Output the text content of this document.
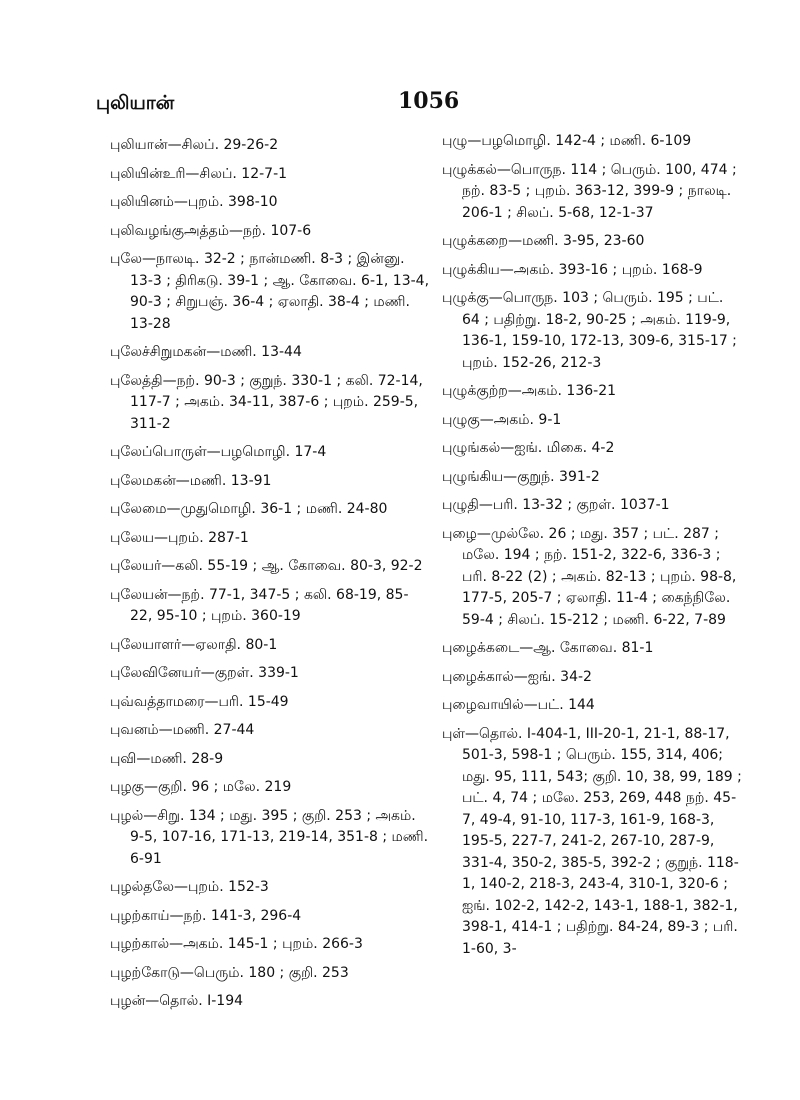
புலியான்	1056
புலியான்—சிலப். 29-26-2
புலியின்உரி—சிலப். 12-7-1
புலியினம்—புறம். 398-10
புலிவழங்குஅத்தம்—நற். 107-6
புலே—நாலடி. 32-2 ; நான்மணி. 8-3 ; இன்னு. 13-3 ; திரிகடு. 39-1 ; ஆ. கோவை. 6-1, 13-4, 90-3 ; சிறுபஞ். 36-4 ; ஏலாதி. 38-4 ; மணி. 13-28
புலேச்சிறுமகன்—மணி. 13-44
புலேத்தி—நற். 90-3 ; குறுந். 330-1 ; கலி. 72-14, 117-7 ; அகம். 34-11, 387-6 ; புறம். 259-5, 311-2
புலேப்பொருள்—பழமொழி. 17-4
புலேமகன்—மணி. 13-91
புலேமை—முதுமொழி. 36-1 ; மணி. 24-80
புலேய—புறம். 287-1
புலேயர்—கலி. 55-19 ; ஆ. கோவை. 80-3, 92-2
புலேயன்—நற். 77-1, 347-5 ; கலி. 68-19, 85-22, 95-10 ; புறம். 360-19
புலேயாளர்—ஏலாதி. 80-1
புலேவினேயர்—குறள். 339-1
புவ்வத்தாமரை—பரி. 15-49
புவனம்—மணி. 27-44
புவி—மணி. 28-9
புழகு—குறி. 96 ; மலே. 219
புழல்—சிறு. 134 ; மது. 395 ; குறி. 253 ; அகம். 9-5, 107-16, 171-13, 219-14, 351-8 ; மணி. 6-91
புழல்தலே—புறம். 152-3
புழற்காய்—நற். 141-3, 296-4
புழற்கால்—அகம். 145-1 ; புறம். 266-3
புழற்கோடு—பெரும். 180 ; குறி. 253
புழன்—தொல். I-194
புழு—பழமொழி. 142-4 ; மணி. 6-109
புழுக்கல்—பொருந. 114 ; பெரும். 100, 474 ; நற். 83-5 ; புறம். 363-12, 399-9 ; நாலடி. 206-1 ; சிலப். 5-68, 12-1-37
புழுக்கறை—மணி. 3-95, 23-60
புழுக்கிய—அகம். 393-16 ; புறம். 168-9
புழுக்கு—பொருந. 103 ; பெரும். 195 ; பட். 64 ; பதிற்று. 18-2, 90-25 ; அகம். 119-9, 136-1, 159-10, 172-13, 309-6, 315-17 ; புறம். 152-26, 212-3
புழுக்குற்ற—அகம். 136-21
புழுகு—அகம். 9-1
புழுங்கல்—ஐங். மிகை. 4-2
புழுங்கிய—குறுந். 391-2
புழுதி—பரி. 13-32 ; குறள். 1037-1
புழை—முல்லே. 26 ; மது. 357 ; பட். 287 ; மலே. 194 ; நற். 151-2, 322-6, 336-3 ; பரி. 8-22 (2) ; அகம். 82-13 ; புறம். 98-8, 177-5, 205-7 ; ஏலாதி. 11-4 ; கைந்நிலே. 59-4 ; சிலப். 15-212 ; மணி. 6-22, 7-89
புழைக்கடை—ஆ. கோவை. 81-1
புழைக்கால்—ஐங். 34-2
புழைவாயில்—பட். 144
புள்—தொல். I-404-1, III-20-1, 21-1, 88-17, 501-3, 598-1 ; பெரும். 155, 314, 406; மது. 95, 111, 543; குறி. 10, 38, 99, 189 ; பட். 4, 74 ; மலே. 253, 269, 448 நற். 45-7, 49-4, 91-10, 117-3, 161-9, 168-3, 195-5, 227-7, 241-2, 267-10, 287-9, 331-4, 350-2, 385-5, 392-2 ; குறுந். 118-1, 140-2, 218-3, 243-4, 310-1, 320-6 ; ஐங். 102-2, 142-2, 143-1, 188-1, 382-1, 398-1, 414-1 ; பதிற்று. 84-24, 89-3 ; பரி. 1-60, 3-
